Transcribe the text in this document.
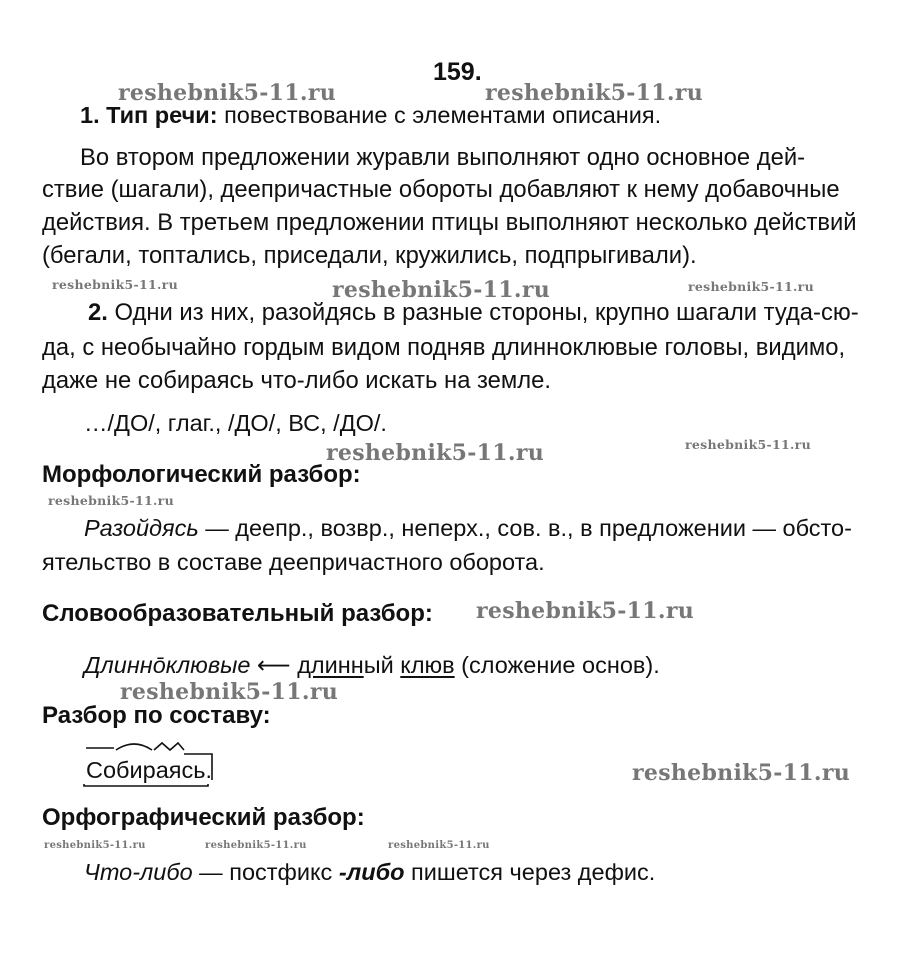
159.
reshebnik5-11.ru	reshebnik5-11.ru
reshebnik5-11.ru	reshebnik5-11.ru	reshebnik5-11.ru
reshebnik5-11.ru	reshebnik5-11.ru
reshebnik5-11.ru
reshebnik5-11.ru
reshebnik5-11.ru
reshebnik5-11.ru
reshebnik5-11.ru	reshebnik5-11.ru	reshebnik5-11.ru
1. Тип речи: повествование с элементами описания.
Во втором предложении журавли выполняют одно основное дей-
ствие (шагали), деепричастные обороты добавляют к нему добавочные
действия. В третьем предложении птицы выполняют несколько действий
(бегали, топтались, приседали, кружились, подпрыгивали).
2. Одни из них, разойдясь в разные стороны, крупно шагали туда-сю-
да, с необычайно гордым видом подняв длинноклювые головы, видимо,
даже не собираясь что-либо искать на земле.
…/ДО/, глаг., /ДО/, ВС, /ДО/.
Морфологический разбор:
Разойдясь — деепр., возвр., неперх., сов. в., в предложении — обсто-
ятельство в составе деепричастного оборота.
Словообразовательный разбор:
Длиннōклювые ⟵ длинный клюв (сложение основ).
Разбор по составу:
Собираясь.
Орфографический разбор:
Что-либо — постфикс -либо пишется через дефис.
